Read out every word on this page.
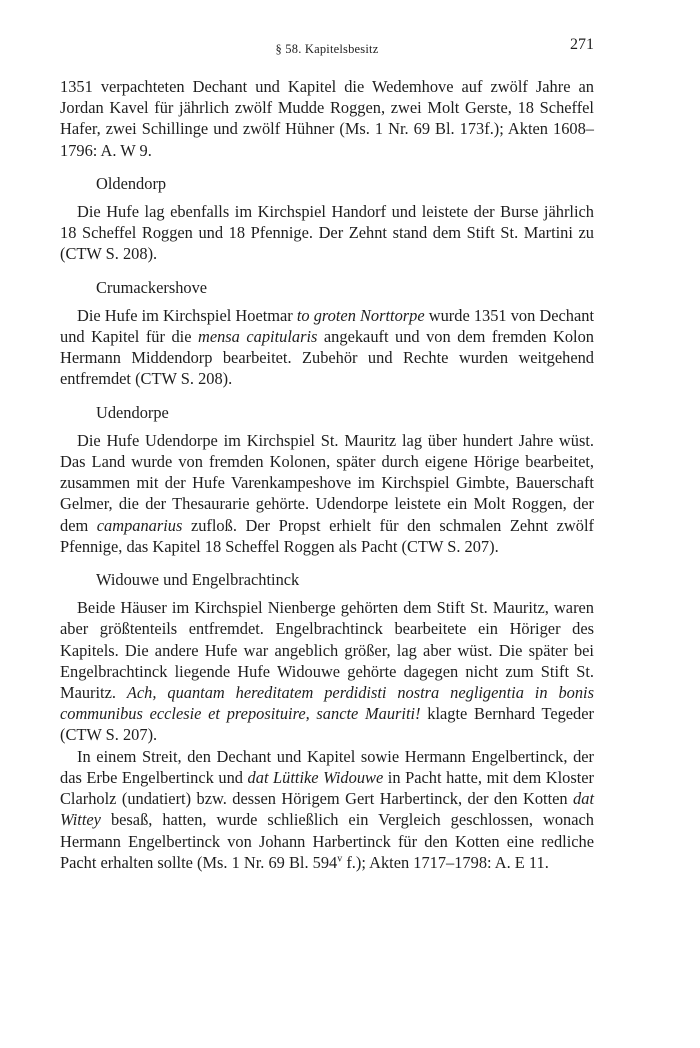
§ 58. Kapitelsbesitz	271

1351 verpachteten Dechant und Kapitel die Wedemhove auf zwölf Jahre an Jordan Kavel für jährlich zwölf Mudde Roggen, zwei Molt Gerste, 18 Scheffel Hafer, zwei Schillinge und zwölf Hühner (Ms. 1 Nr. 69 Bl. 173f.); Akten 1608–1796: A. W 9.

Oldendorp

Die Hufe lag ebenfalls im Kirchspiel Handorf und leistete der Burse jährlich 18 Scheffel Roggen und 18 Pfennige. Der Zehnt stand dem Stift St. Martini zu (CTW S. 208).

Crumackershove

Die Hufe im Kirchspiel Hoetmar to groten Norttorpe wurde 1351 von Dechant und Kapitel für die mensa capitularis angekauft und von dem fremden Kolon Hermann Middendorp bearbeitet. Zubehör und Rechte wurden weitgehend entfremdet (CTW S. 208).

Udendorpe

Die Hufe Udendorpe im Kirchspiel St. Mauritz lag über hundert Jahre wüst. Das Land wurde von fremden Kolonen, später durch eigene Hörige bearbeitet, zusammen mit der Hufe Varenkampeshove im Kirchspiel Gimbte, Bauerschaft Gelmer, die der Thesaurarie gehörte. Udendorpe leistete ein Molt Roggen, der dem campanarius zufloß. Der Propst erhielt für den schmalen Zehnt zwölf Pfennige, das Kapitel 18 Scheffel Roggen als Pacht (CTW S. 207).

Widouwe und Engelbrachtinck

Beide Häuser im Kirchspiel Nienberge gehörten dem Stift St. Mauritz, waren aber größtenteils entfremdet. Engelbrachtinck bearbeitete ein Höriger des Kapitels. Die andere Hufe war angeblich größer, lag aber wüst. Die später bei Engelbrachtinck liegende Hufe Widouwe gehörte dagegen nicht zum Stift St. Mauritz. Ach, quantam hereditatem perdidisti nostra negligentia in bonis communibus ecclesie et preposituire, sancte Mauriti! klagte Bernhard Tegeder (CTW S. 207).

In einem Streit, den Dechant und Kapitel sowie Hermann Engelbertinck, der das Erbe Engelbertinck und dat Lüttike Widouwe in Pacht hatte, mit dem Kloster Clarholz (undatiert) bzw. dessen Hörigem Gert Harbertinck, der den Kotten dat Wittey besaß, hatten, wurde schließlich ein Vergleich geschlossen, wonach Hermann Engelbertinck von Johann Harbertinck für den Kotten eine redliche Pacht erhalten sollte (Ms. 1 Nr. 69 Bl. 594$^v$ f.); Akten 1717–1798: A. E 11.
